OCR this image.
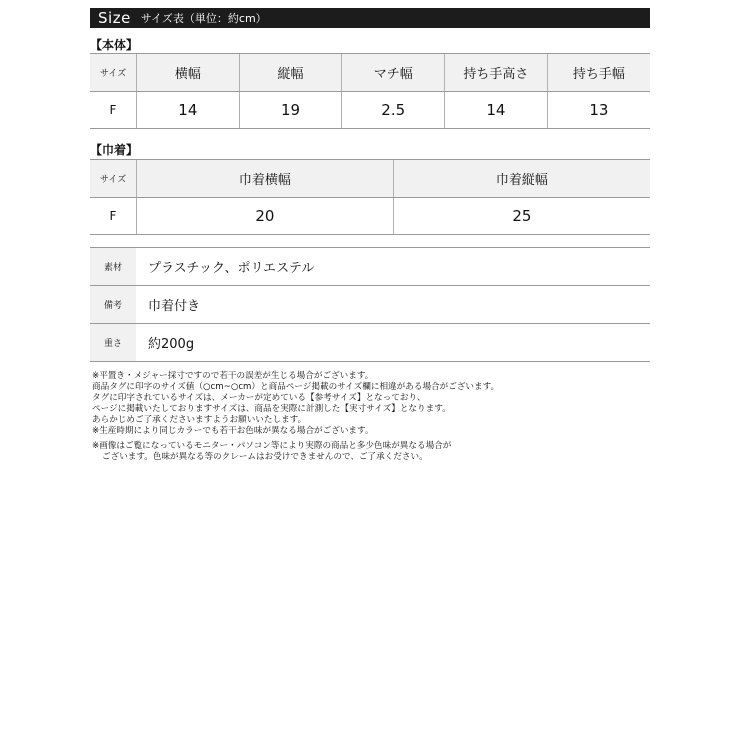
Size サイズ表（単位：約cm）
【本体】
サイズ	横幅	縦幅	マチ幅	持ち手高さ	持ち手幅
F	14	19	2.5	14	13
【巾着】
サイズ	巾着横幅	巾着縦幅
F	20	25
素材	プラスチック、ポリエステル
備考	巾着付き
重さ	約200g
※平置き・メジャー採寸ですので若干の誤差が生じる場合がございます。
商品タグに印字のサイズ値（○cm~○cm）と商品ページ掲載のサイズ欄に相違がある場合がございます。
タグに印字されているサイズは、メーカーが定めている【参考サイズ】となっており、
ページに掲載いたしておりますサイズは、商品を実際に計測した【実寸サイズ】となります。
あらかじめご了承くださいますようお願いいたします。
※生産時期により同じカラーでも若干お色味が異なる場合がございます。
※画像はご覧になっているモニター・パソコン等により実際の商品と多少色味が異なる場合が
ございます。色味が異なる等のクレームはお受けできませんので、ご了承ください。
